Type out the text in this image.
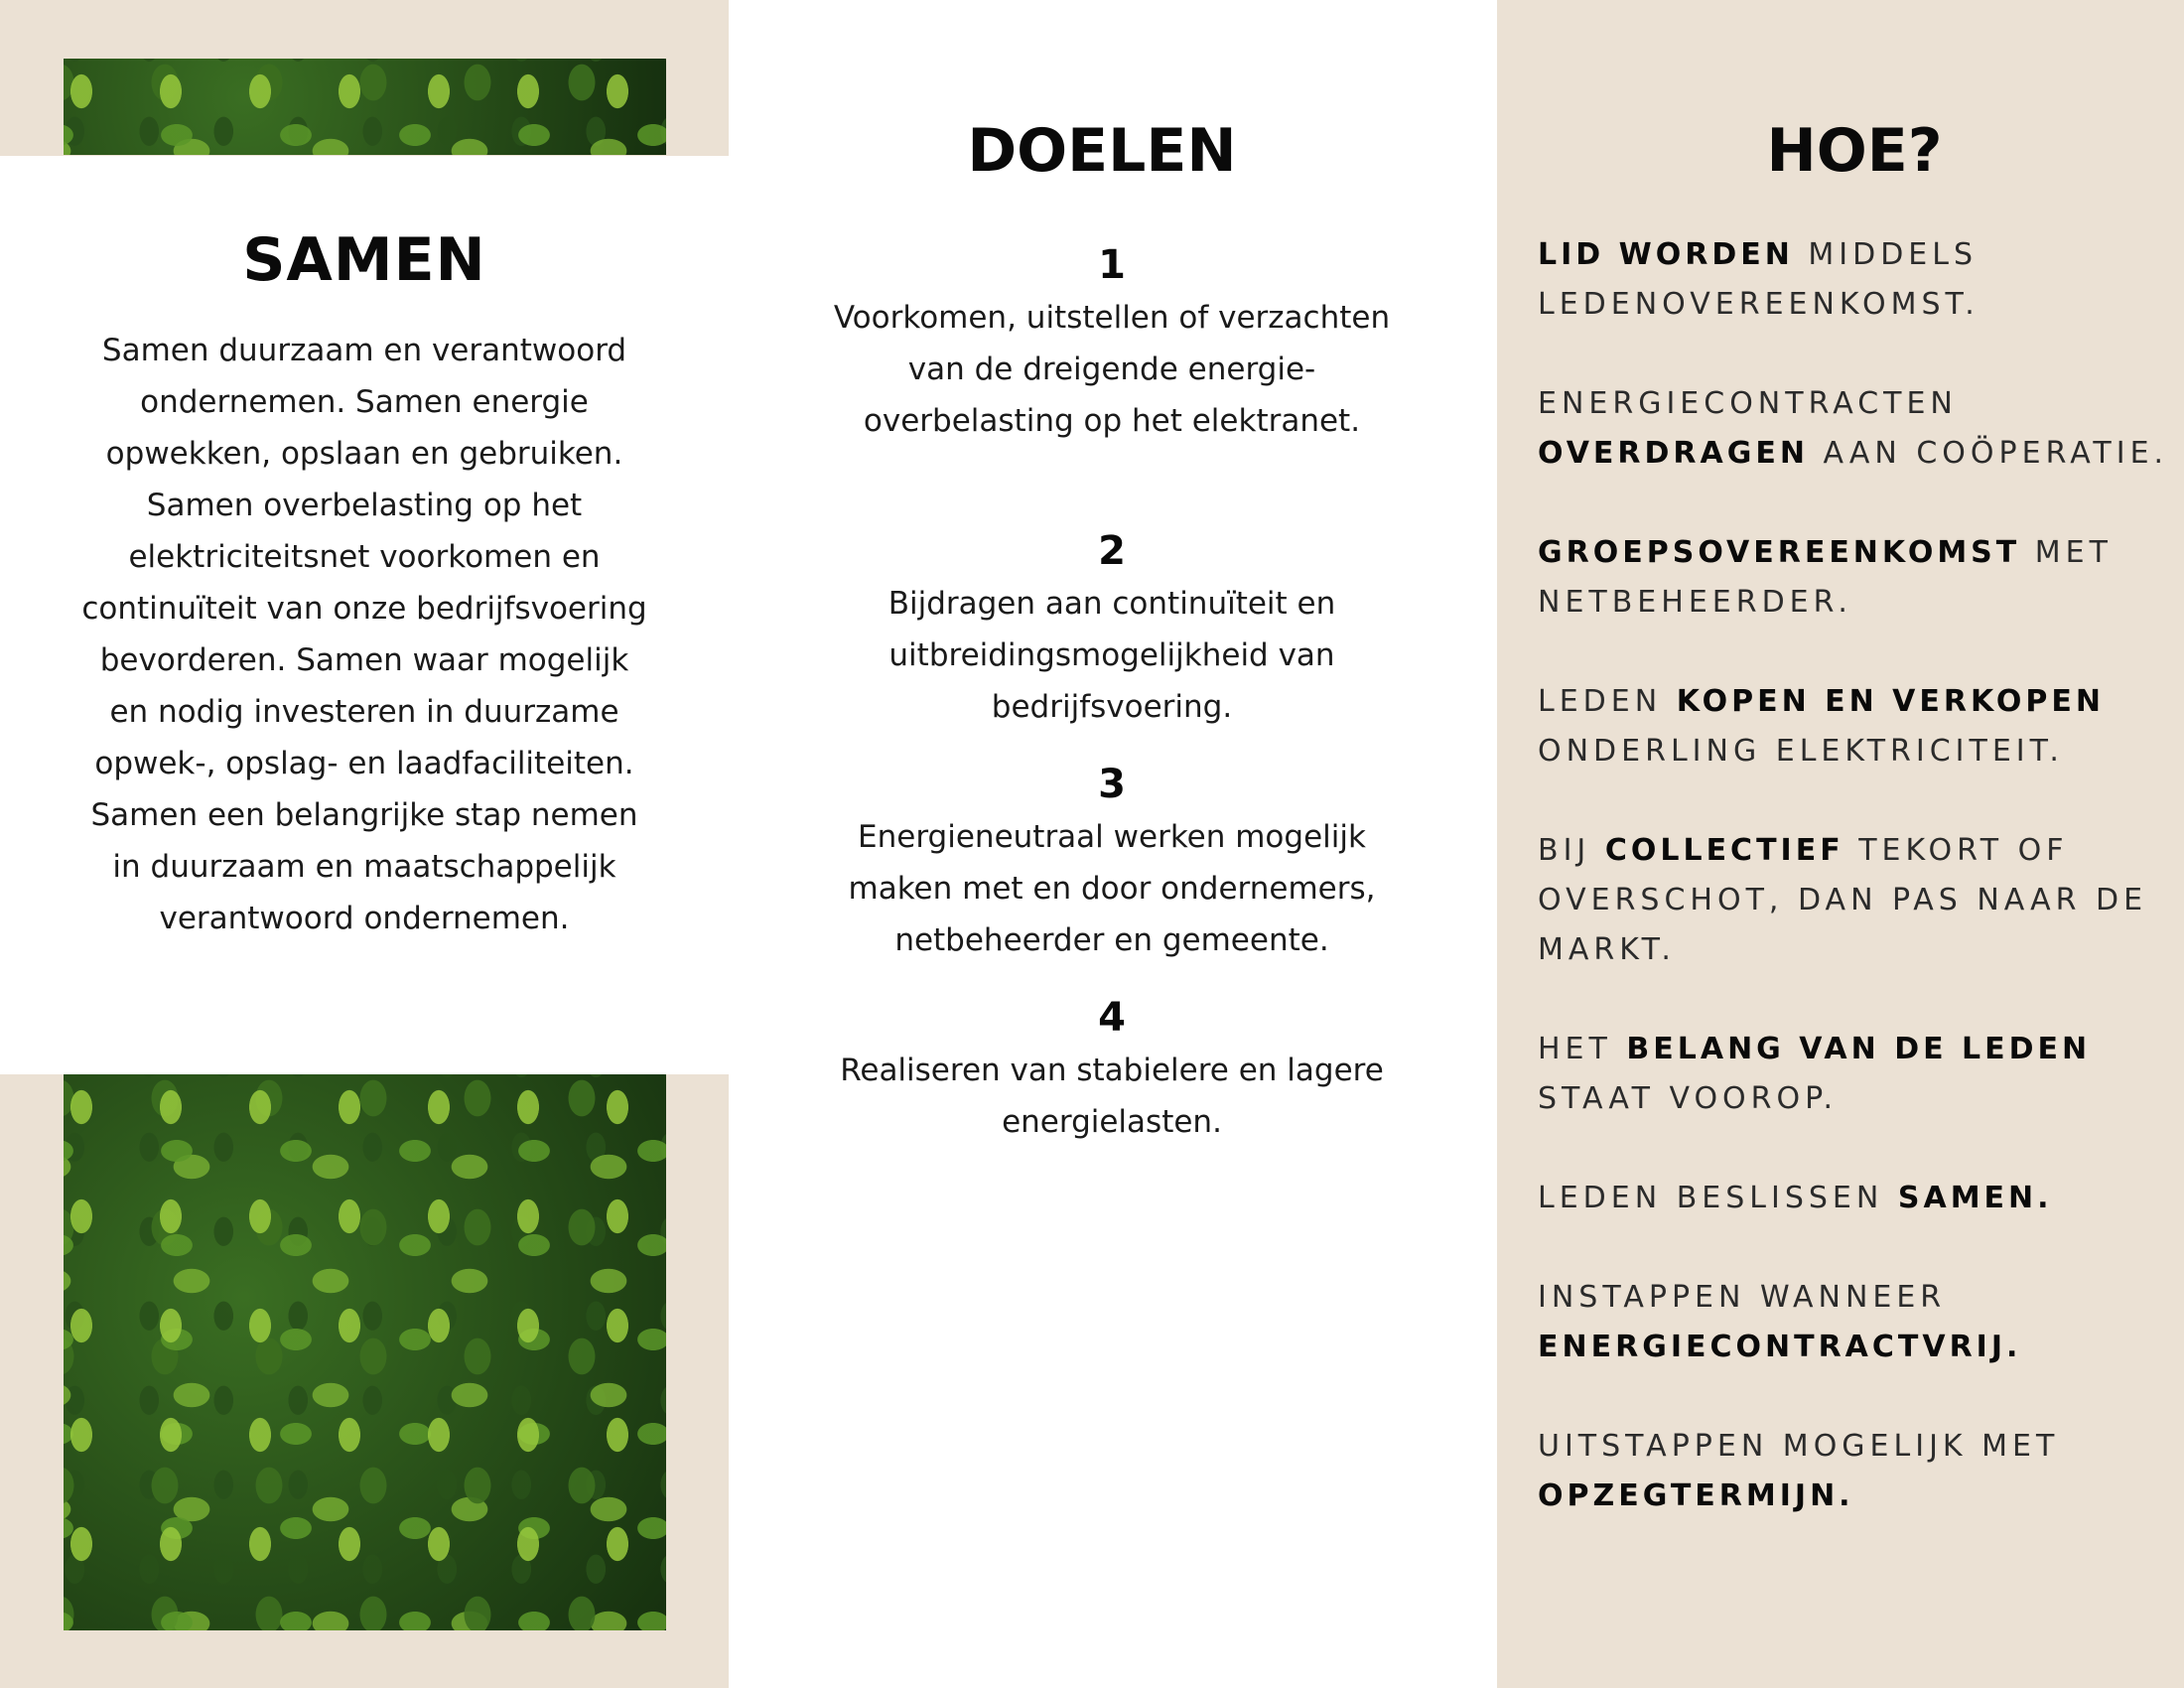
SAMEN

Samen duurzaam en verantwoord ondernemen. Samen energie opwekken, opslaan en gebruiken. Samen overbelasting op het elektriciteitsnet voorkomen en continuïteit van onze bedrijfsvoering bevorderen. Samen waar mogelijk en nodig investeren in duurzame opwek-, opslag- en laadfaciliteiten. Samen een belangrijke stap nemen in duurzaam en maatschappelijk verantwoord ondernemen.

DOELEN
1
Voorkomen, uitstellen of verzachten van de dreigende energie-overbelasting op het elektranet.
2
Bijdragen aan continuïteit en uitbreidingsmogelijkheid van bedrijfsvoering.
3
Energieneutraal werken mogelijk maken met en door ondernemers, netbeheerder en gemeente.
4
Realiseren van stabielere en lagere energielasten.
HOE?

LID WORDEN MIDDELS LEDENOVEREENKOMST.

ENERGIECONTRACTEN OVERDRAGEN AAN COÖPERATIE.

GROEPSOVEREENKOMST MET NETBEHEERDER.

LEDEN KOPEN EN VERKOPEN ONDERLING ELEKTRICITEIT.

BIJ COLLECTIEF TEKORT OF OVERSCHOT, DAN PAS NAAR DE MARKT.

HET BELANG VAN DE LEDEN STAAT VOOROP.

LEDEN BESLISSEN SAMEN.

INSTAPPEN WANNEER ENERGIECONTRACTVRIJ.

UITSTAPPEN MOGELIJK MET OPZEGTERMIJN.
